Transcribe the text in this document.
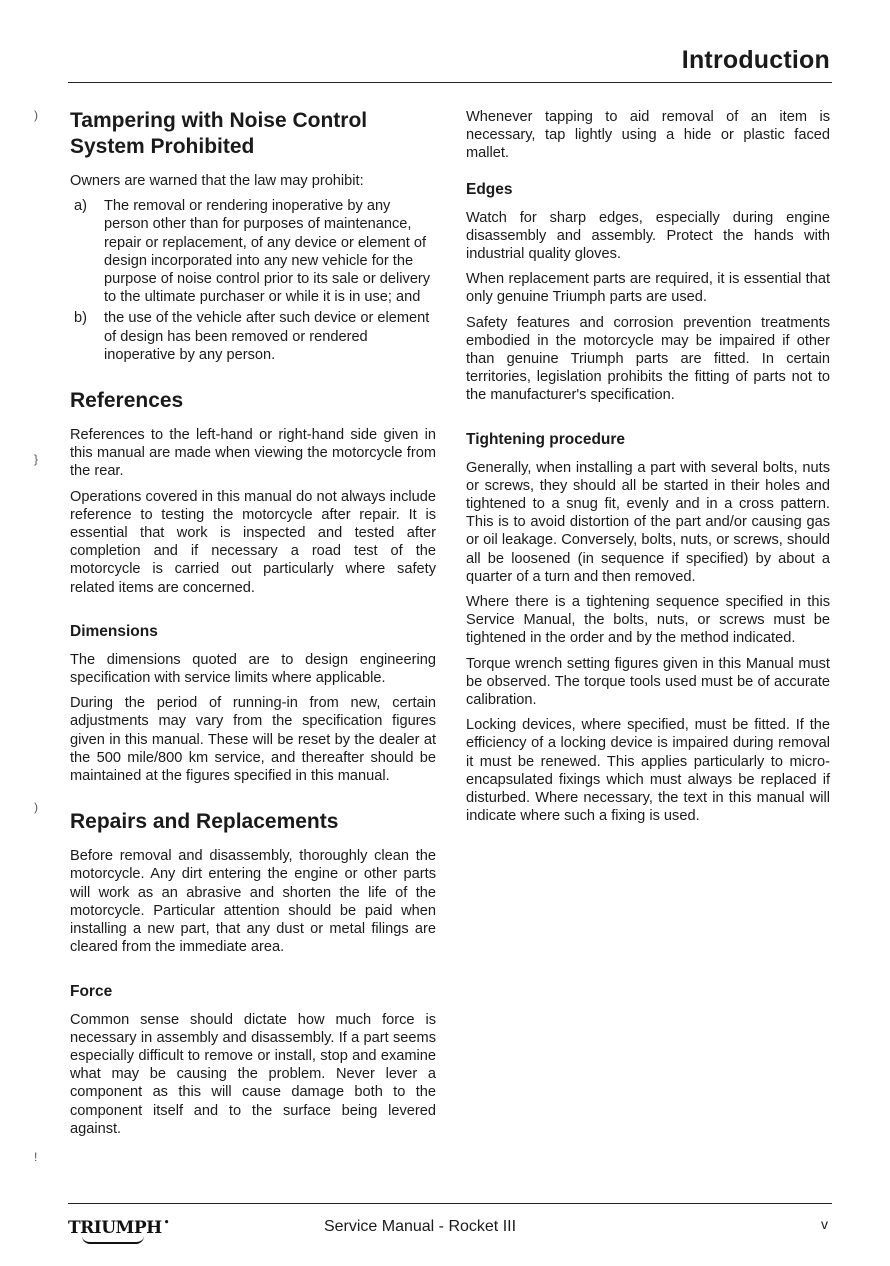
Introduction
)
}
)
!
Tampering with Noise Control
System Prohibited

Owners are warned that the law may prohibit:

a)	The removal or rendering inoperative by any person other than for purposes of maintenance, repair or replacement, of any device or element of design incorporated into any new vehicle for the purpose of noise control prior to its sale or delivery to the ultimate purchaser or while it is in use; and
b)	the use of the vehicle after such device or element of design has been removed or rendered inoperative by any person.
References

References to the left-hand or right-hand side given in this manual are made when viewing the motorcycle from the rear.

Operations covered in this manual do not always include reference to testing the motorcycle after repair. It is essential that work is inspected and tested after completion and if necessary a road test of the motorcycle is carried out particularly where safety related items are concerned.

Dimensions

The dimensions quoted are to design engineering specification with service limits where applicable.

During the period of running-in from new, certain adjustments may vary from the specification figures given in this manual. These will be reset by the dealer at the 500 mile/800 km service, and thereafter should be maintained at the figures specified in this manual.

Repairs and Replacements

Before removal and disassembly, thoroughly clean the motorcycle. Any dirt entering the engine or other parts will work as an abrasive and shorten the life of the motorcycle. Particular attention should be paid when installing a new part, that any dust or metal filings are cleared from the immediate area.

Force

Common sense should dictate how much force is necessary in assembly and disassembly. If a part seems especially difficult to remove or install, stop and examine what may be causing the problem. Never lever a component as this will cause damage both to the component itself and to the surface being levered against.

Whenever tapping to aid removal of an item is necessary, tap lightly using a hide or plastic faced mallet.

Edges

Watch for sharp edges, especially during engine disassembly and assembly. Protect the hands with industrial quality gloves.

When replacement parts are required, it is essential that only genuine Triumph parts are used.

Safety features and corrosion prevention treatments embodied in the motorcycle may be impaired if other than genuine Triumph parts are fitted. In certain territories, legislation prohibits the fitting of parts not to the manufacturer's specification.

Tightening procedure

Generally, when installing a part with several bolts, nuts or screws, they should all be started in their holes and tightened to a snug fit, evenly and in a cross pattern. This is to avoid distortion of the part and/or causing gas or oil leakage. Conversely, bolts, nuts, or screws, should all be loosened (in sequence if specified) by about a quarter of a turn and then removed.

Where there is a tightening sequence specified in this Service Manual, the bolts, nuts, or screws must be tightened in the order and by the method indicated.

Torque wrench setting figures given in this Manual must be observed. The torque tools used must be of accurate calibration.

Locking devices, where specified, must be fitted. If the efficiency of a locking device is impaired during removal it must be renewed. This applies particularly to micro-encapsulated fixings which must always be replaced if disturbed. Where necessary, the text in this manual will indicate where such a fixing is used.

TRIUMPH •	Service Manual - Rocket III	v
